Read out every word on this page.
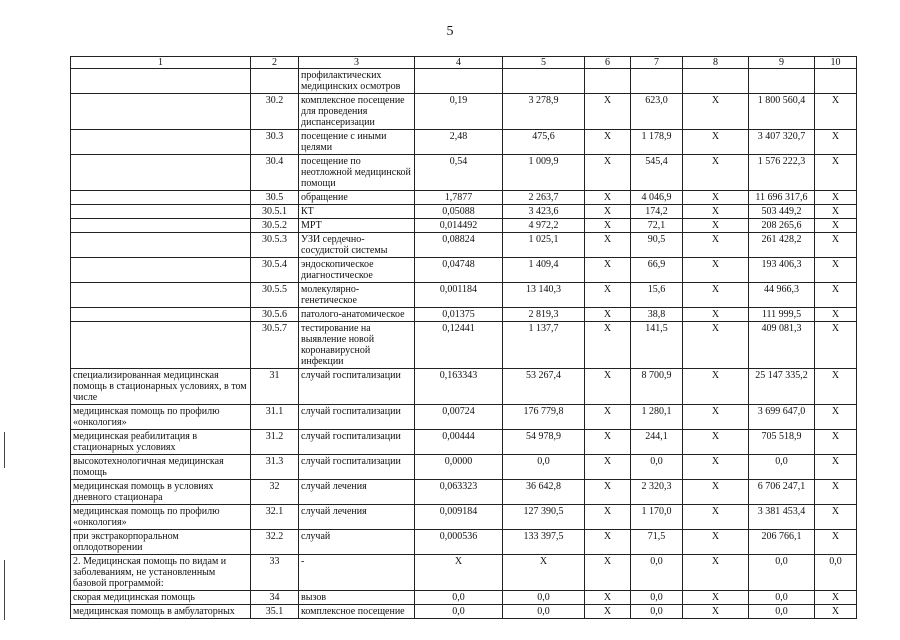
5
1	2	3	4	5	6	7	8	9	10
		профилактических медицинских осмотров							
	30.2	комплексное посещение для проведения диспансеризации	0,19	3 278,9	X	623,0	X	1 800 560,4	X
	30.3	посещение с иными целями	2,48	475,6	X	1 178,9	X	3 407 320,7	X
	30.4	посещение по неотложной медицинской помощи	0,54	1 009,9	X	545,4	X	1 576 222,3	X
	30.5	обращение	1,7877	2 263,7	X	4 046,9	X	11 696 317,6	X
	30.5.1	КТ	0,05088	3 423,6	X	174,2	X	503 449,2	X
	30.5.2	МРТ	0,014492	4 972,2	X	72,1	X	208 265,6	X
	30.5.3	УЗИ сердечно-сосудистой системы	0,08824	1 025,1	X	90,5	X	261 428,2	X
	30.5.4	эндоскопическое диагностическое	0,04748	1 409,4	X	66,9	X	193 406,3	X
	30.5.5	молекулярно-генетическое	0,001184	13 140,3	X	15,6	X	44 966,3	X
	30.5.6	патолого-анатомическое	0,01375	2 819,3	X	38,8	X	111 999,5	X
	30.5.7	тестирование на выявление новой коронавирусной инфекции	0,12441	1 137,7	X	141,5	X	409 081,3	X
специализированная медицинская помощь в стационарных условиях, в том числе	31	случай госпитализации	0,163343	53 267,4	X	8 700,9	X	25 147 335,2	X
медицинская помощь по профилю «онкология»	31.1	случай госпитализации	0,00724	176 779,8	X	1 280,1	X	3 699 647,0	X
медицинская реабилитация в стационарных условиях	31.2	случай госпитализации	0,00444	54 978,9	X	244,1	X	705 518,9	X
высокотехнологичная медицинская помощь	31.3	случай госпитализации	0,0000	0,0	X	0,0	X	0,0	X
медицинская помощь в условиях дневного стационара	32	случай лечения	0,063323	36 642,8	X	2 320,3	X	6 706 247,1	X
медицинская помощь по профилю «онкология»	32.1	случай лечения	0,009184	127 390,5	X	1 170,0	X	3 381 453,4	X
при экстракорпоральном оплодотворении	32.2	случай	0,000536	133 397,5	X	71,5	X	206 766,1	X
2. Медицинская помощь по видам и заболеваниям, не установленным базовой программой:	33	-	X	X	X	0,0	X	0,0	0,0
скорая медицинская помощь	34	вызов	0,0	0,0	X	0,0	X	0,0	X
медицинская помощь в амбулаторных	35.1	комплексное посещение	0,0	0,0	X	0,0	X	0,0	X
